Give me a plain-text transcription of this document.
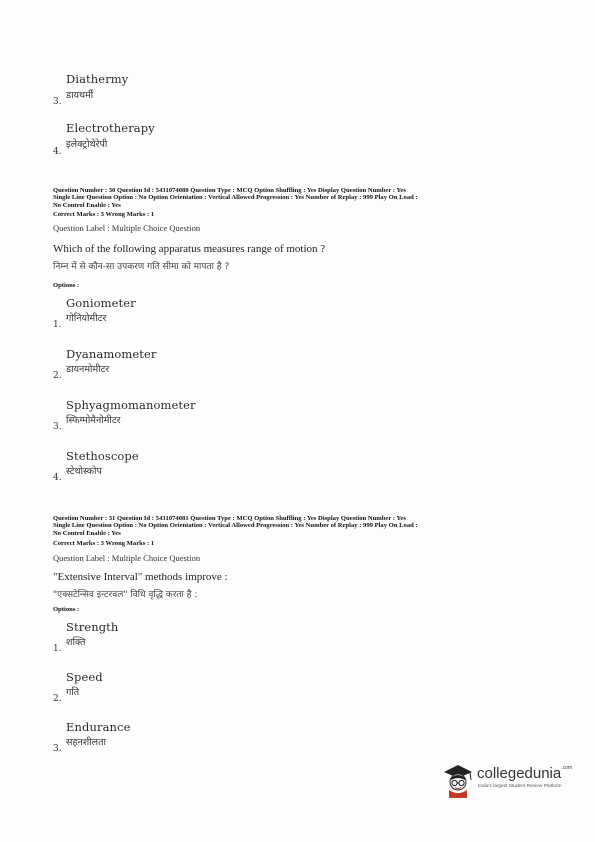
Diathermy
डायथर्मी
3.
Electrotherapy
इलेक्ट्रोथेरेपी
4.
Question Number : 30 Question Id : 5431074080 Question Type : MCQ Option Shuffling : Yes Display Question Number : Yes
Single Line Question Option : No Option Orientation : Vertical Allowed Progression : Yes Number of Replay : 999 Play On Load :
No Control Enable : Yes
Correct Marks : 3 Wrong Marks : 1
Question Label : Multiple Choice Question
Which of the following apparatus measures range of motion ?
निम्न में से कौन-सा उपकरण गति सीमा को मापता है ?
Options :
Goniometer
गोनियोमीटर
1.
Dyanamometer
डायनमोमीटर
2.
Sphyagmomanometer
स्फिग्मोमैनोमीटर
3.
Stethoscope
स्टेथोस्कोप
4.
Question Number : 31 Question Id : 5431074081 Question Type : MCQ Option Shuffling : Yes Display Question Number : Yes
Single Line Question Option : No Option Orientation : Vertical Allowed Progression : Yes Number of Replay : 999 Play On Load :
No Control Enable : Yes
Correct Marks : 3 Wrong Marks : 1
Question Label : Multiple Choice Question
"Extensive Interval" methods improve :
"एक्सटेन्सिव इन्टरवल" विधि वृद्धि करता है :
Options :
Strength
शक्ति
1.
Speed
गति
2.
Endurance
सहनशीलता
3.
collegedunia$^{.com}$
India's largest Student Review Platform
